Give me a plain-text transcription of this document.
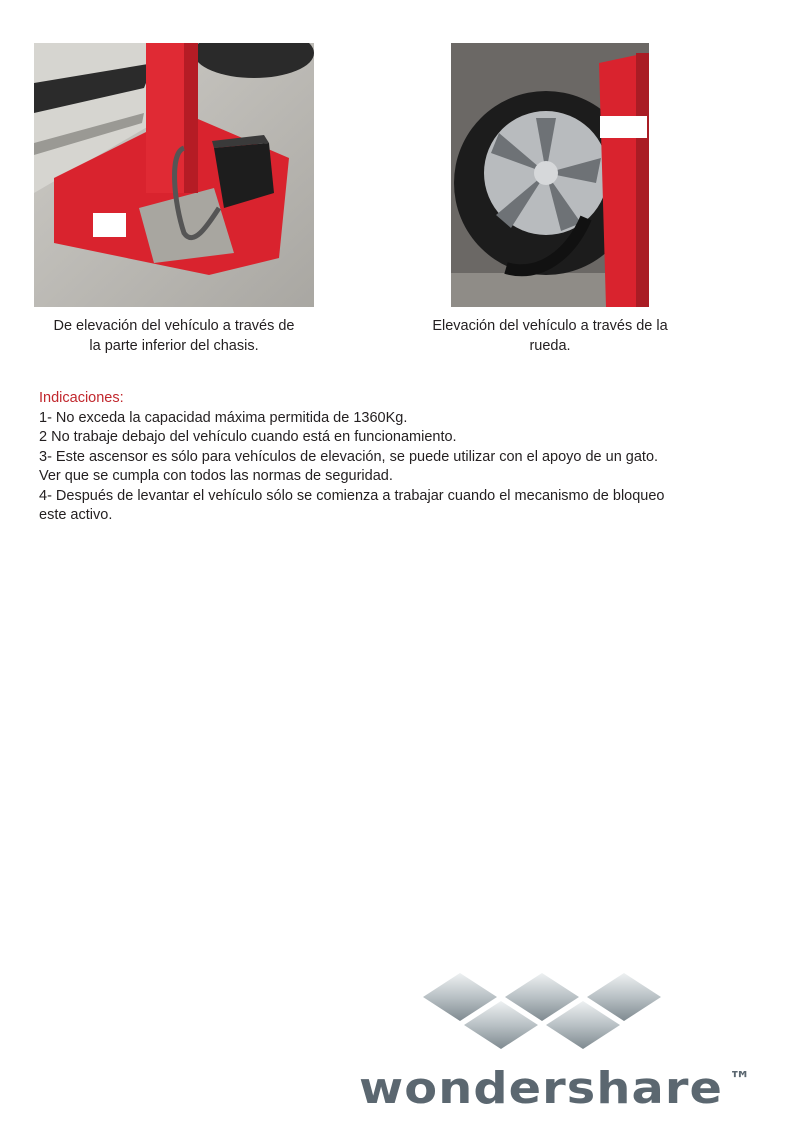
De elevación del vehículo a través de
la parte inferior del chasis.
Elevación del vehículo a través de la
rueda.

Indicaciones:

1- No exceda la capacidad máxima permitida de 1360Kg.

2 No trabaje debajo del vehículo cuando está en funcionamiento.

3- Este ascensor es sólo para vehículos de elevación, se puede utilizar con el apoyo de un gato.

Ver que se cumpla con todos las normas de seguridad.

4- Después de levantar el vehículo sólo se comienza a trabajar cuando el mecanismo de bloqueo

este activo.

wondershare ™
